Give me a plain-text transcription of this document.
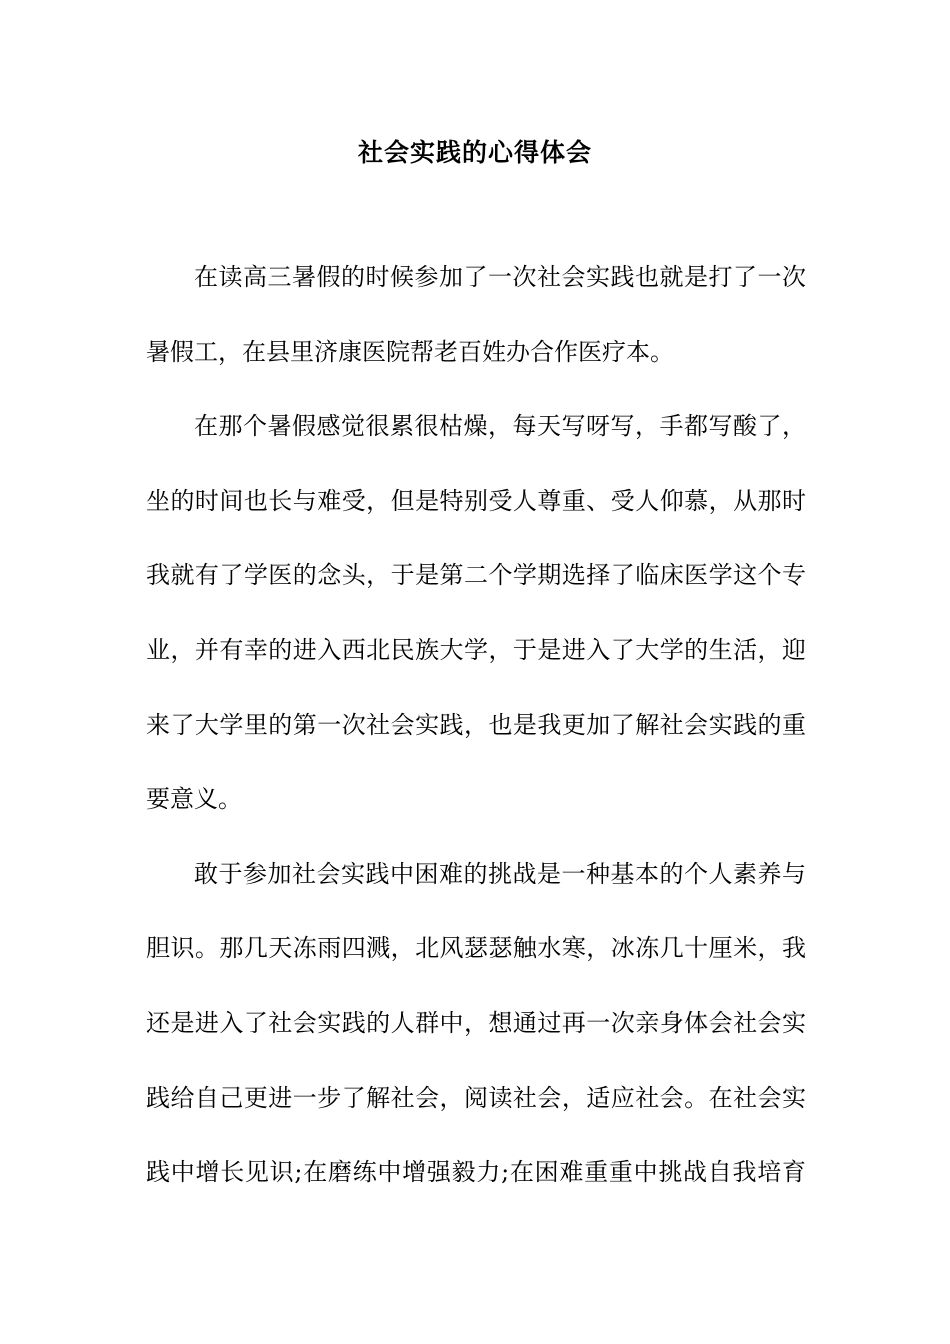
社会实践的心得体会
在读高三暑假的时候参加了一次社会实践也就是打了一次
暑假工，在县里济康医院帮老百姓办合作医疗本。
在那个暑假感觉很累很枯燥，每天写呀写，手都写酸了，
坐的时间也长与难受，但是特别受人尊重、受人仰慕，从那时
我就有了学医的念头，于是第二个学期选择了临床医学这个专
业，并有幸的进入西北民族大学，于是进入了大学的生活，迎
来了大学里的第一次社会实践，也是我更加了解社会实践的重
要意义。
敢于参加社会实践中困难的挑战是一种基本的个人素养与
胆识。那几天冻雨四溅，北风瑟瑟触水寒，冰冻几十厘米，我
还是进入了社会实践的人群中，想通过再一次亲身体会社会实
践给自己更进一步了解社会，阅读社会，适应社会。在社会实
践中增长见识;在磨练中增强毅力;在困难重重中挑战自我培育
